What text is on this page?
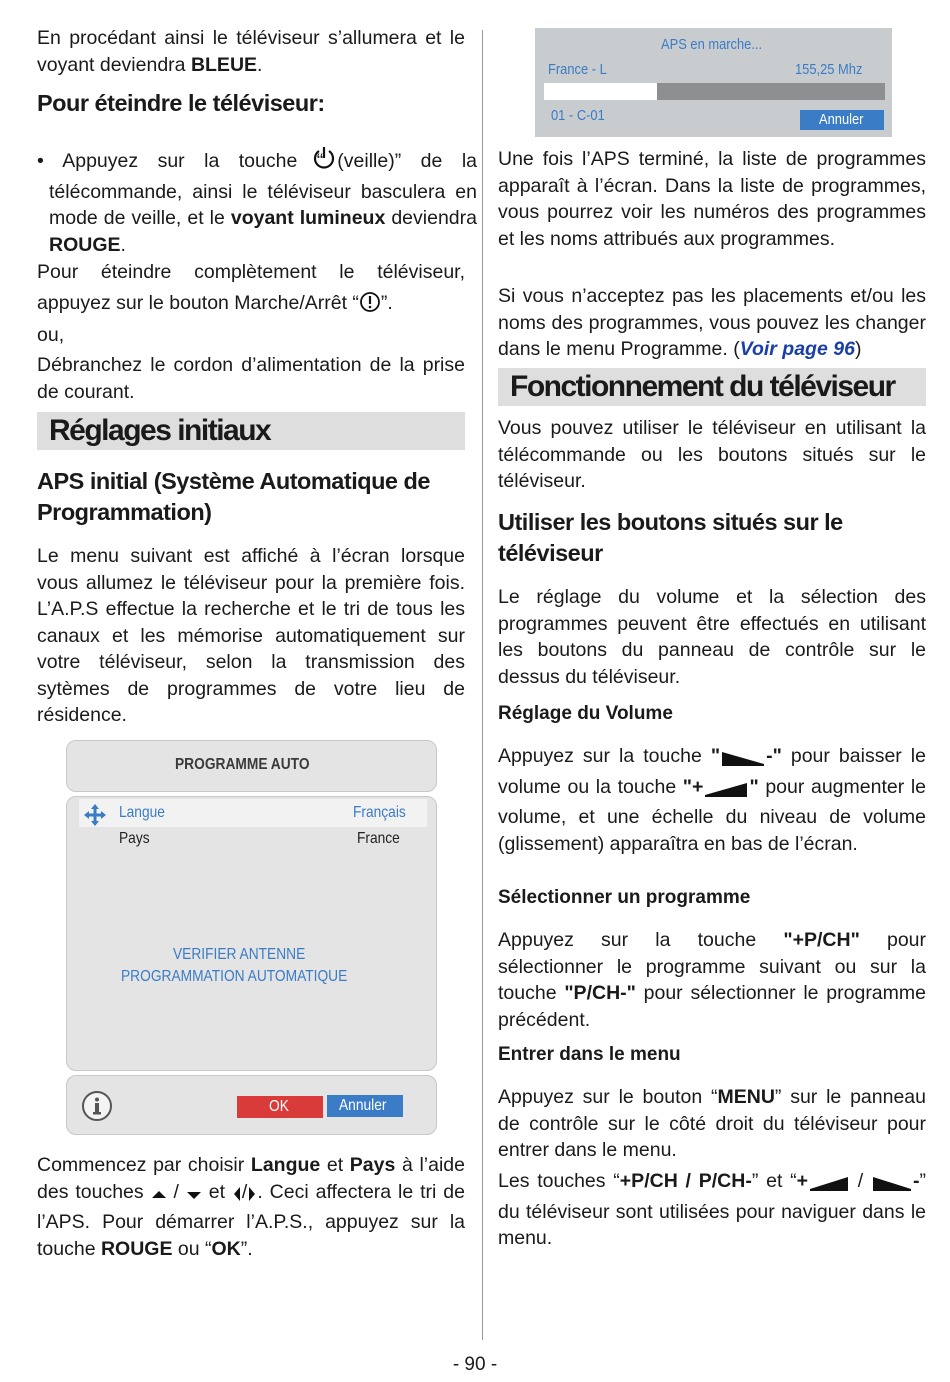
En procédant ainsi le téléviseur s’allumera et le voyant deviendra BLEUE.

Pour éteindre le téléviseur:

• Appuyez sur la touche “ (veille)” de la télécommande, ainsi le téléviseur basculera en mode de veille, et le voyant lumineux deviendra ROUGE.

Pour éteindre complètement le téléviseur, appuyez sur le bouton Marche/Arrêt “ ”.

ou,

Débranchez le cordon d’alimentation de la prise de courant.

Réglages initiaux
APS initial (Système Automatique de Programmation)

Le menu suivant est affiché à l’écran lorsque vous allumez le téléviseur pour la première fois. L’A.P.S effectue la recherche et le tri de tous les canaux et les mémorise automatiquement sur votre téléviseur, selon la transmission des sytèmes de programmes de votre lieu de résidence.

Commencez par choisir Langue et Pays à l’aide des touches  /  et / . Ceci affectera le tri de l’APS. Pour démarrer l’A.P.S., appuyez sur la touche ROUGE ou “OK”.

PROGRAMME AUTO
Langue	Français
Pays	France
VERIFIER ANTENNE
PROGRAMMATION AUTOMATIQUE
OK	Annuler
APS en marche...
France - L	155,25 Mhz
01 - C-01	Annuler

Une fois l’APS terminé, la liste de programmes apparaît à l’écran. Dans la liste de programmes, vous pourrez voir les numéros des programmes et les noms attribués aux programmes.

Si vous n’acceptez pas les placements et/ou les noms des programmes, vous pouvez les changer dans le menu Programme. (Voir page 96)

Fonctionnement du téléviseur

Vous pouvez utiliser le téléviseur en utilisant la télécommande ou les boutons situés sur le téléviseur.

Utiliser les boutons situés sur le téléviseur

Le réglage du volume et la sélection des programmes peuvent être effectués en utilisant les boutons du panneau de contrôle sur le dessus du téléviseur.

Réglage du Volume

Appuyez sur la touche " -" pour baisser le volume ou la touche "+ " pour augmenter le volume, et une échelle du niveau de volume (glissement) apparaîtra en bas de l’écran.

Sélectionner un programme

Appuyez sur la touche "+P/CH" pour sélectionner le programme suivant ou sur la touche "P/CH-" pour sélectionner le programme précédent.

Entrer dans le menu

Appuyez sur le bouton “MENU” sur le panneau de contrôle sur le côté droit du téléviseur pour entrer dans le menu.

Les touches “+P/CH / P/CH-” et “+ / -” du téléviseur sont utilisées pour naviguer dans le menu.

- 90 -
